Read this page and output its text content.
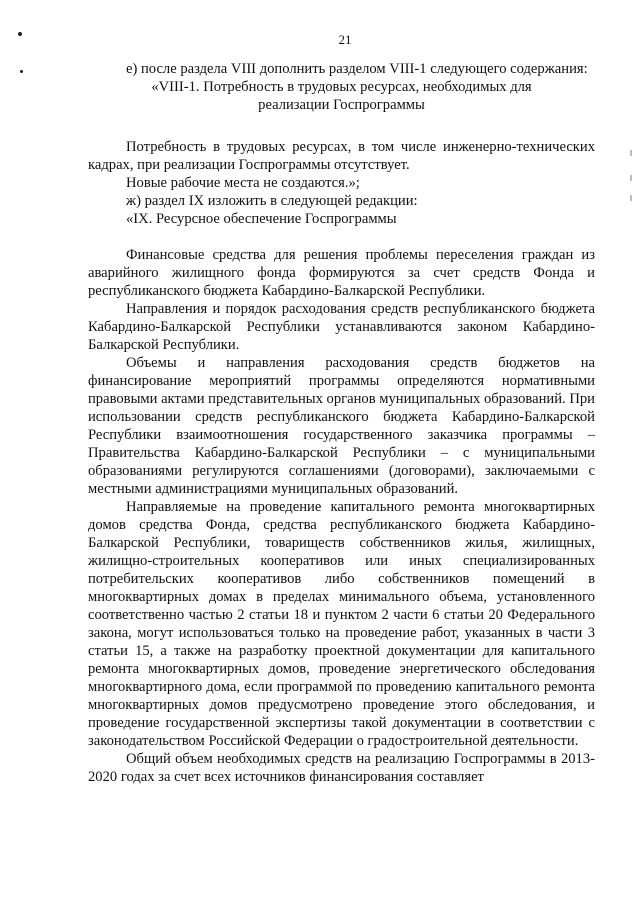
21

е) после раздела VIII дополнить разделом VIII-1 следующего содержания:

«VIII-1. Потребность в трудовых ресурсах, необходимых для реализации Госпрограммы

Потребность в трудовых ресурсах, в том числе инженерно-технических кадрах, при реализации Госпрограммы отсутствует.

Новые рабочие места не создаются.»;

ж) раздел IX изложить в следующей редакции:

«IX. Ресурсное обеспечение Госпрограммы

Финансовые средства для решения проблемы переселения граждан из аварийного жилищного фонда формируются за счет средств Фонда и республиканского бюджета Кабардино-Балкарской Республики.

Направления и порядок расходования средств республиканского бюджета Кабардино-Балкарской Республики устанавливаются законом Кабардино-Балкарской Республики.

Объемы и направления расходования средств бюджетов на финансирование мероприятий программы определяются нормативными правовыми актами представительных органов муниципальных образований. При использовании средств республиканского бюджета Кабардино-Балкарской Республики взаимоотношения государственного заказчика программы – Правительства Кабардино-Балкарской Республики – с муниципальными образованиями регулируются соглашениями (договорами), заключаемыми с местными администрациями муниципальных образований.

Направляемые на проведение капитального ремонта многоквартирных домов средства Фонда, средства республиканского бюджета Кабардино-Балкарской Республики, товариществ собственников жилья, жилищных, жилищно-строительных кооперативов или иных специализированных потребительских кооперативов либо собственников помещений в многоквартирных домах в пределах минимального объема, установленного соответственно частью 2 статьи 18 и пунктом 2 части 6 статьи 20 Федерального закона, могут использоваться только на проведение работ, указанных в части 3 статьи 15, а также на разработку проектной документации для капитального ремонта многоквартирных домов, проведение энергетического обследования многоквартирного дома, если программой по проведению капитального ремонта многоквартирных домов предусмотрено проведение этого обследования, и проведение государственной экспертизы такой документации в соответствии с законодательством Российской Федерации о градостроительной деятельности.

Общий объем необходимых средств на реализацию Госпрограммы в 2013-2020 годах за счет всех источников финансирования составляет
